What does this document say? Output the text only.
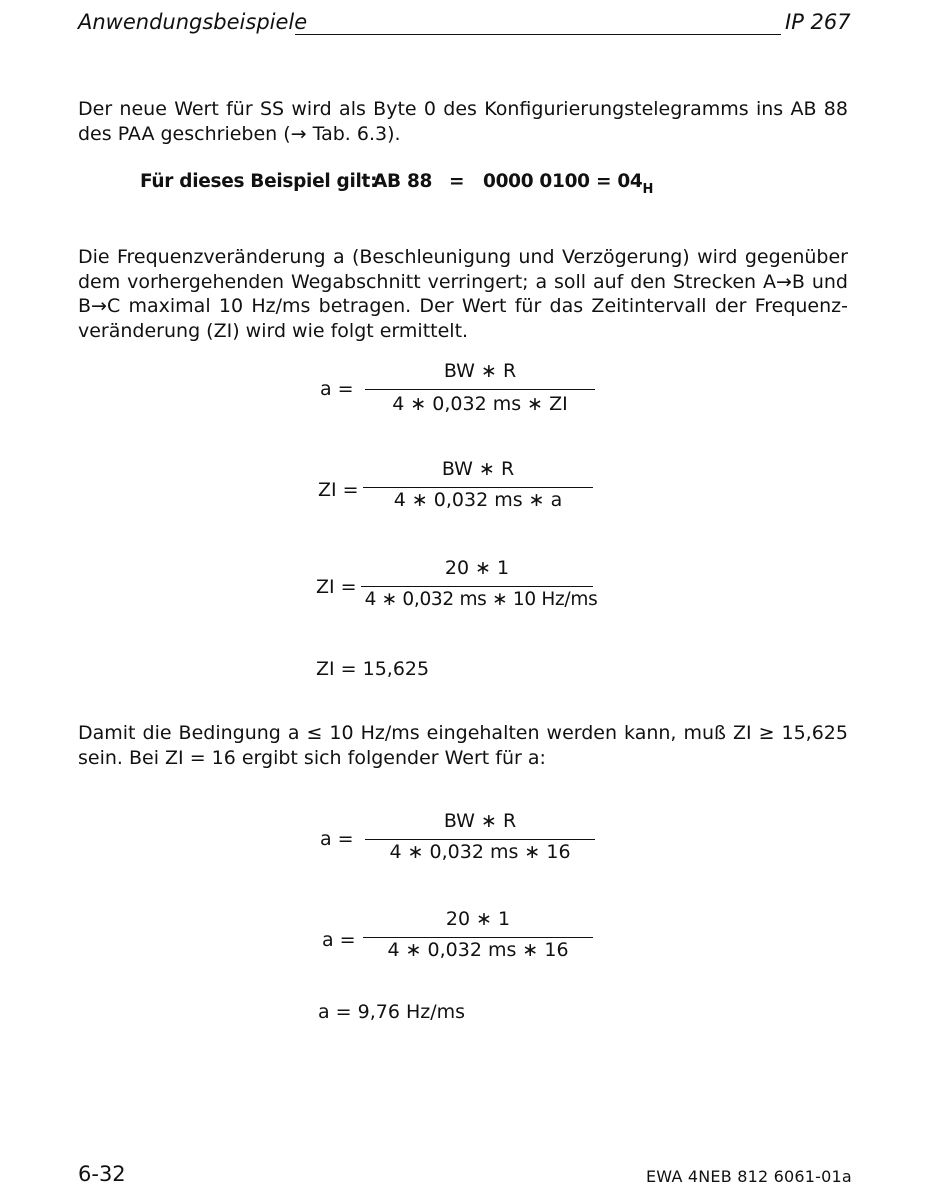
Anwendungsbeispiele	IP 267
Der neue Wert für SS wird als Byte 0 des Konfigurierungstelegramms ins AB 88
des PAA geschrieben (→ Tab. 6.3).
Für dieses Beispiel gilt:
AB 88 = 0000 $0100 = 04_H$
Die Frequenzveränderung a (Beschleunigung und Verzögerung) wird gegenüber
dem vorhergehenden Wegabschnitt verringert; a soll auf den Strecken A→B und
B→C maximal 10 Hz/ms betragen. Der Wert für das Zeitintervall der Frequenz-
veränderung (ZI) wird wie folgt ermittelt.
a =
BW ∗ R
4 ∗ 0,032 ms ∗ ZI
ZI =
BW ∗ R
4 ∗ 0,032 ms ∗ a
ZI =
20 ∗ 1
4 ∗ 0,032 ms ∗ 10 Hz/ms
ZI = 15,625
Damit die Bedingung a ≤ 10 Hz/ms eingehalten werden kann, muß ZI ≥ 15,625
sein. Bei ZI = 16 ergibt sich folgender Wert für a:
a =
BW ∗ R
4 ∗ 0,032 ms ∗ 16
a =
20 ∗ 1
4 ∗ 0,032 ms ∗ 16
a = 9,76 Hz/ms
6-32	EWA 4NEB 812 6061-01a
